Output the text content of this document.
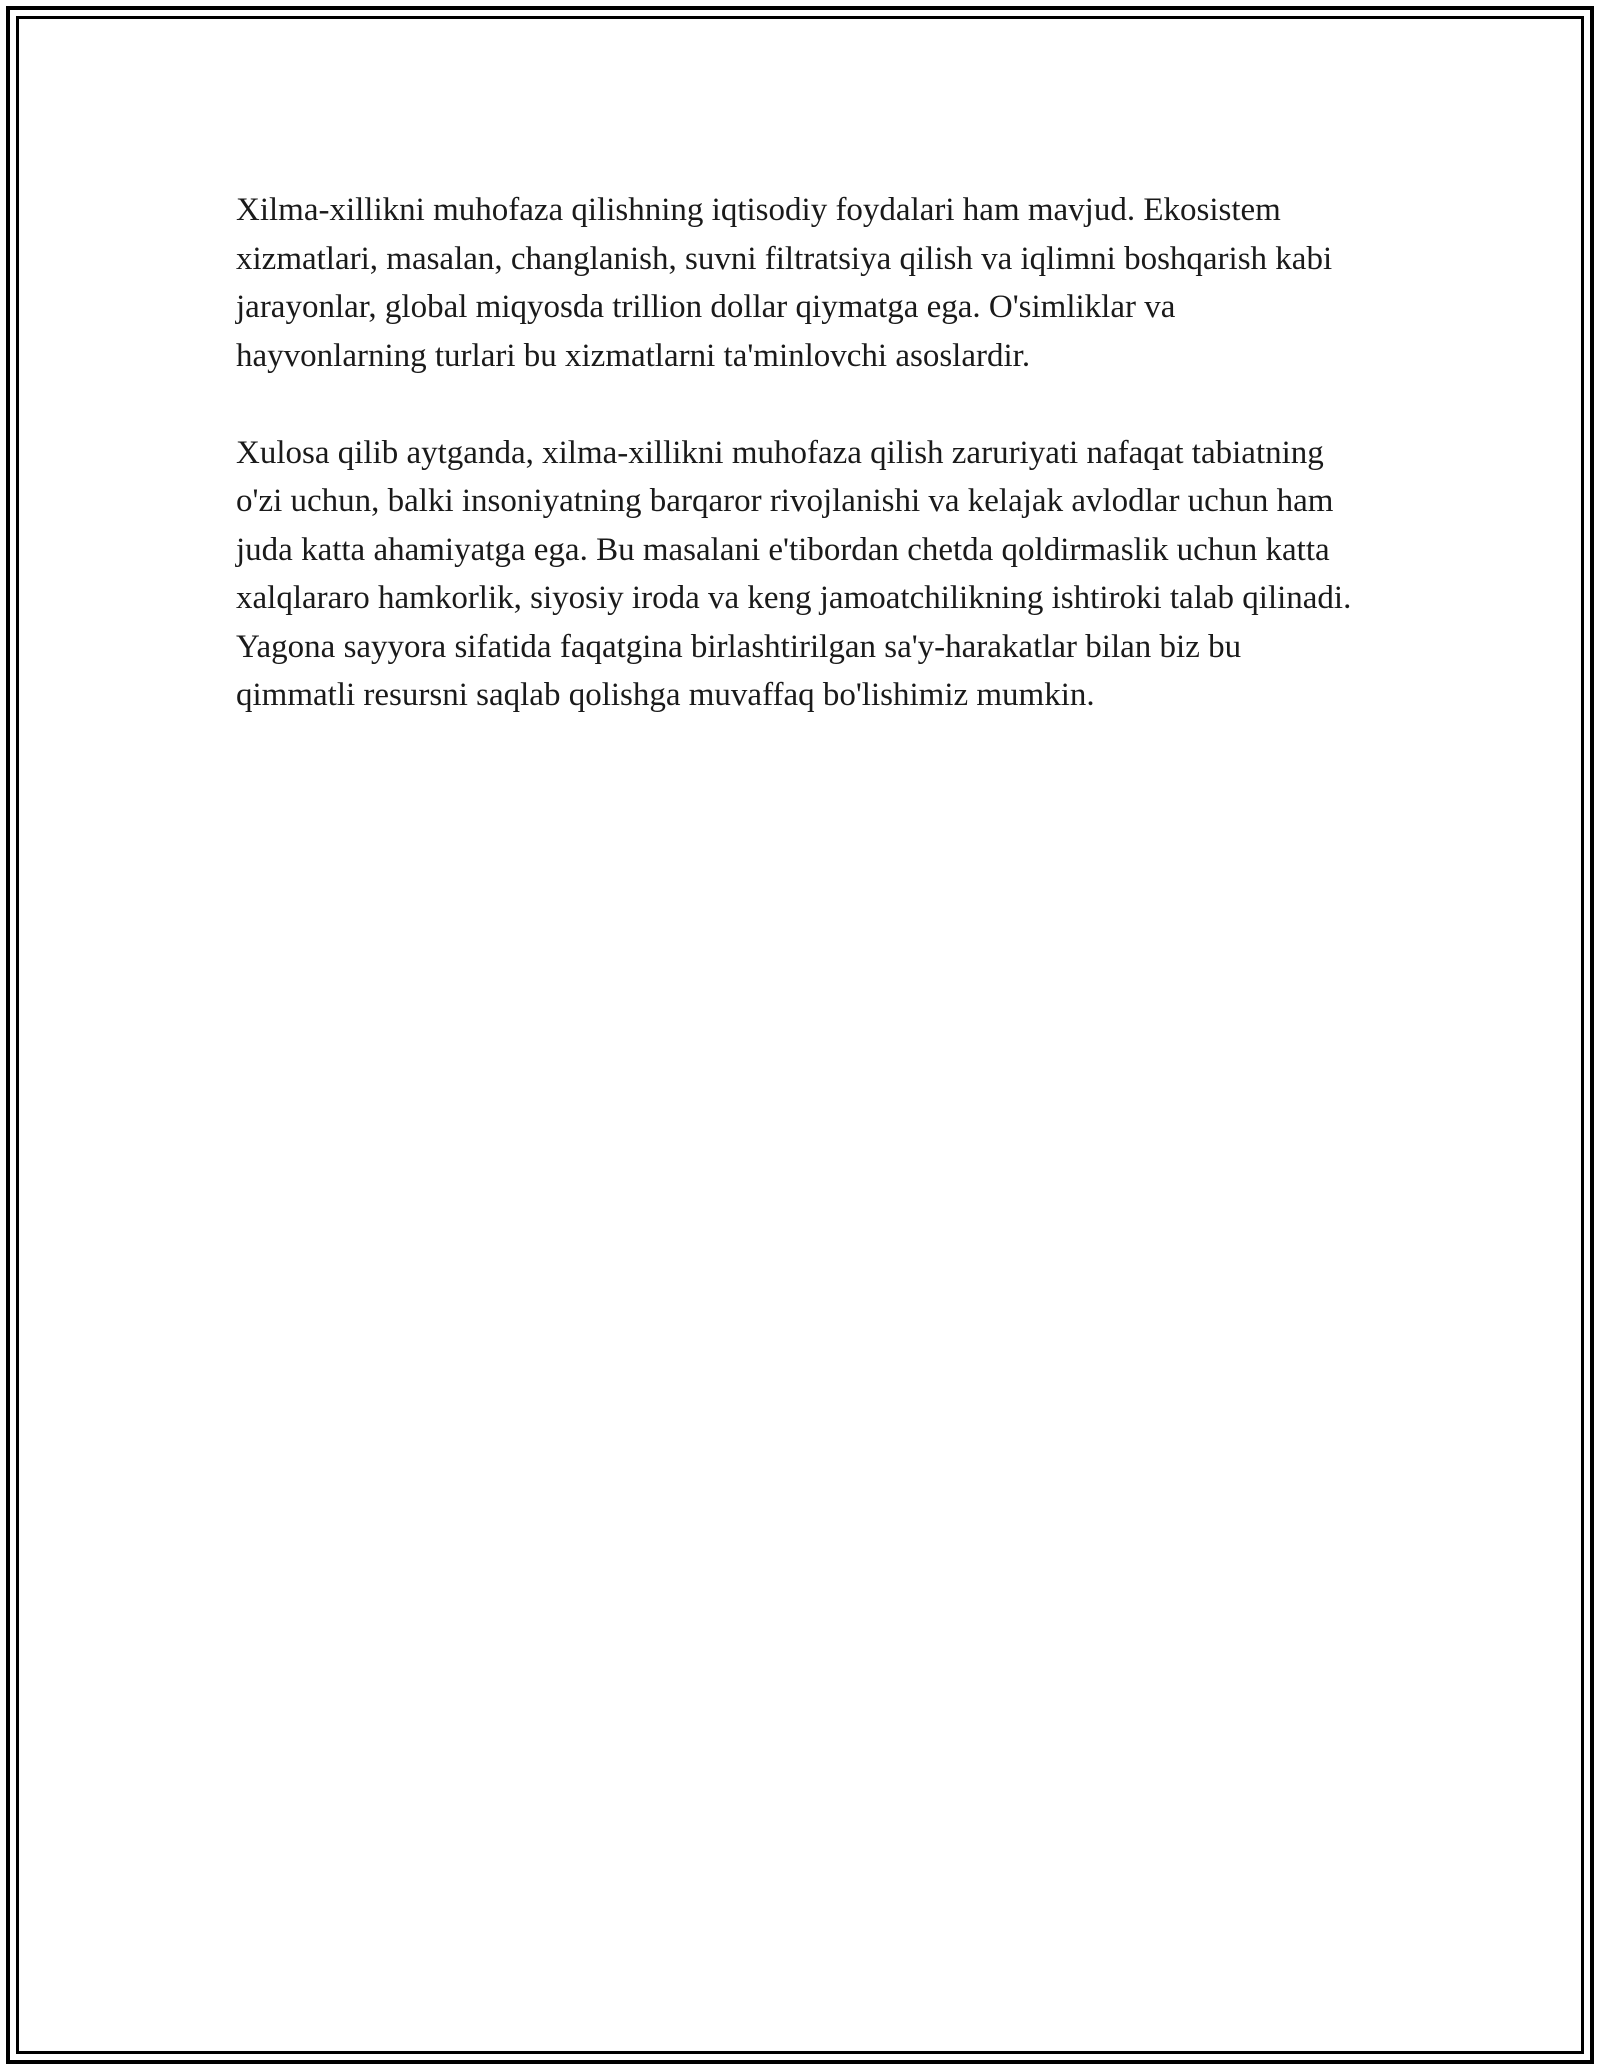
Xilma-xillikni muhofaza qilishning iqtisodiy foydalari ham mavjud. Ekosistem xizmatlari, masalan, changlanish, suvni filtratsiya qilish va iqlimni boshqarish kabi jarayonlar, global miqyosda trillion dollar qiymatga ega. O'simliklar va hayvonlarning turlari bu xizmatlarni ta'minlovchi asoslardir.

Xulosa qilib aytganda, xilma-xillikni muhofaza qilish zaruriyati nafaqat tabiatning o'zi uchun, balki insoniyatning barqaror rivojlanishi va kelajak avlodlar uchun ham juda katta ahamiyatga ega. Bu masalani e'tibordan chetda qoldirmaslik uchun katta xalqlararo hamkorlik, siyosiy iroda va keng jamoatchilikning ishtiroki talab qilinadi. Yagona sayyora sifatida faqatgina birlashtirilgan sa'y-harakatlar bilan biz bu qimmatli resursni saqlab qolishga muvaffaq bo'lishimiz mumkin.
